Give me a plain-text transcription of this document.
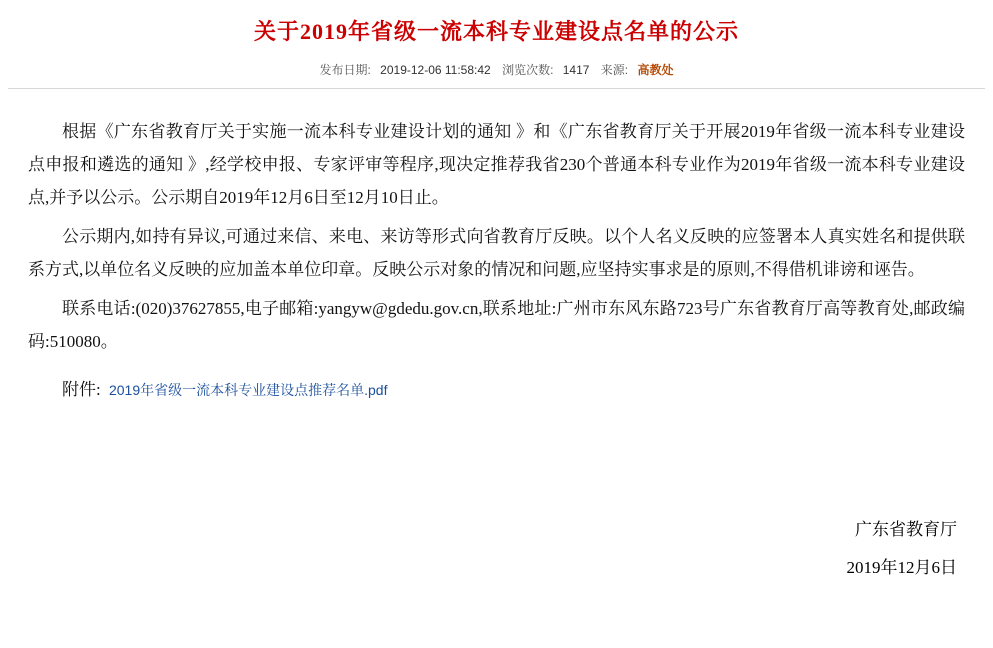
关于2019年省级一流本科专业建设点名单的公示
发布日期: 2019-12-06 11:58:42 浏览次数: 1417 来源: 高教处

根据《广东省教育厅关于实施一流本科专业建设计划的通知 》和《广东省教育厅关于开展2019年省级一流本科专业建设点申报和遴选的通知 》,经学校申报、专家评审等程序,现决定推荐我省230个普通本科专业作为2019年省级一流本科专业建设点,并予以公示。公示期自2019年12月6日至12月10日止。

公示期内,如持有异议,可通过来信、来电、来访等形式向省教育厅反映。以个人名义反映的应签署本人真实姓名和提供联系方式,以单位名义反映的应加盖本单位印章。反映公示对象的情况和问题,应坚持实事求是的原则,不得借机诽谤和诬告。

联系电话:(020)37627855,电子邮箱:yangyw@gdedu.gov.cn,联系地址:广州市东风东路723号广东省教育厅高等教育处,邮政编码:510080。

附件: 2019年省级一流本科专业建设点推荐名单.pdf
广东省教育厅
2019年12月6日
